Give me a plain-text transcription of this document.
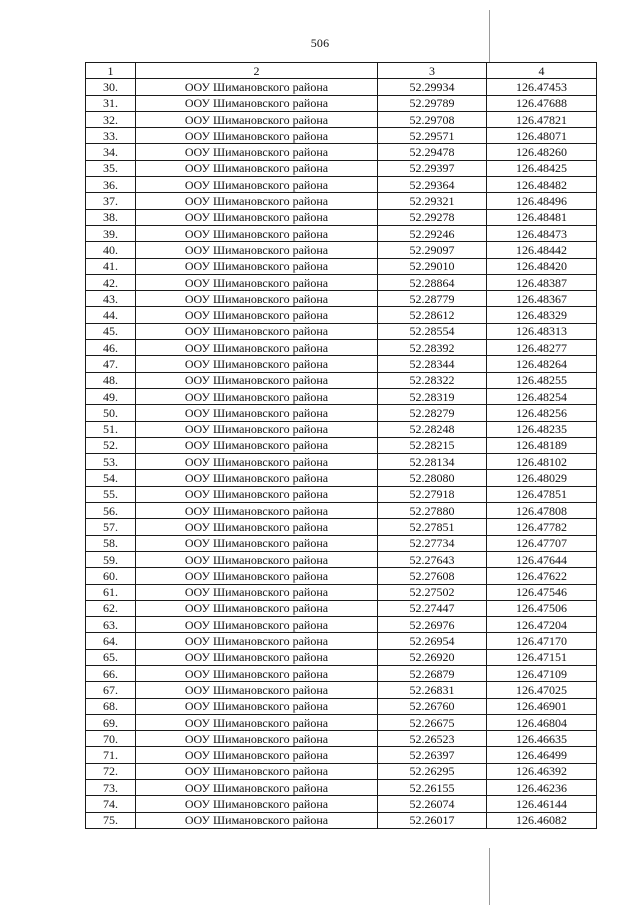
506
1	2	3	4
30.	ООУ Шимановского района	52.29934	126.47453
31.	ООУ Шимановского района	52.29789	126.47688
32.	ООУ Шимановского района	52.29708	126.47821
33.	ООУ Шимановского района	52.29571	126.48071
34.	ООУ Шимановского района	52.29478	126.48260
35.	ООУ Шимановского района	52.29397	126.48425
36.	ООУ Шимановского района	52.29364	126.48482
37.	ООУ Шимановского района	52.29321	126.48496
38.	ООУ Шимановского района	52.29278	126.48481
39.	ООУ Шимановского района	52.29246	126.48473
40.	ООУ Шимановского района	52.29097	126.48442
41.	ООУ Шимановского района	52.29010	126.48420
42.	ООУ Шимановского района	52.28864	126.48387
43.	ООУ Шимановского района	52.28779	126.48367
44.	ООУ Шимановского района	52.28612	126.48329
45.	ООУ Шимановского района	52.28554	126.48313
46.	ООУ Шимановского района	52.28392	126.48277
47.	ООУ Шимановского района	52.28344	126.48264
48.	ООУ Шимановского района	52.28322	126.48255
49.	ООУ Шимановского района	52.28319	126.48254
50.	ООУ Шимановского района	52.28279	126.48256
51.	ООУ Шимановского района	52.28248	126.48235
52.	ООУ Шимановского района	52.28215	126.48189
53.	ООУ Шимановского района	52.28134	126.48102
54.	ООУ Шимановского района	52.28080	126.48029
55.	ООУ Шимановского района	52.27918	126.47851
56.	ООУ Шимановского района	52.27880	126.47808
57.	ООУ Шимановского района	52.27851	126.47782
58.	ООУ Шимановского района	52.27734	126.47707
59.	ООУ Шимановского района	52.27643	126.47644
60.	ООУ Шимановского района	52.27608	126.47622
61.	ООУ Шимановского района	52.27502	126.47546
62.	ООУ Шимановского района	52.27447	126.47506
63.	ООУ Шимановского района	52.26976	126.47204
64.	ООУ Шимановского района	52.26954	126.47170
65.	ООУ Шимановского района	52.26920	126.47151
66.	ООУ Шимановского района	52.26879	126.47109
67.	ООУ Шимановского района	52.26831	126.47025
68.	ООУ Шимановского района	52.26760	126.46901
69.	ООУ Шимановского района	52.26675	126.46804
70.	ООУ Шимановского района	52.26523	126.46635
71.	ООУ Шимановского района	52.26397	126.46499
72.	ООУ Шимановского района	52.26295	126.46392
73.	ООУ Шимановского района	52.26155	126.46236
74.	ООУ Шимановского района	52.26074	126.46144
75.	ООУ Шимановского района	52.26017	126.46082
